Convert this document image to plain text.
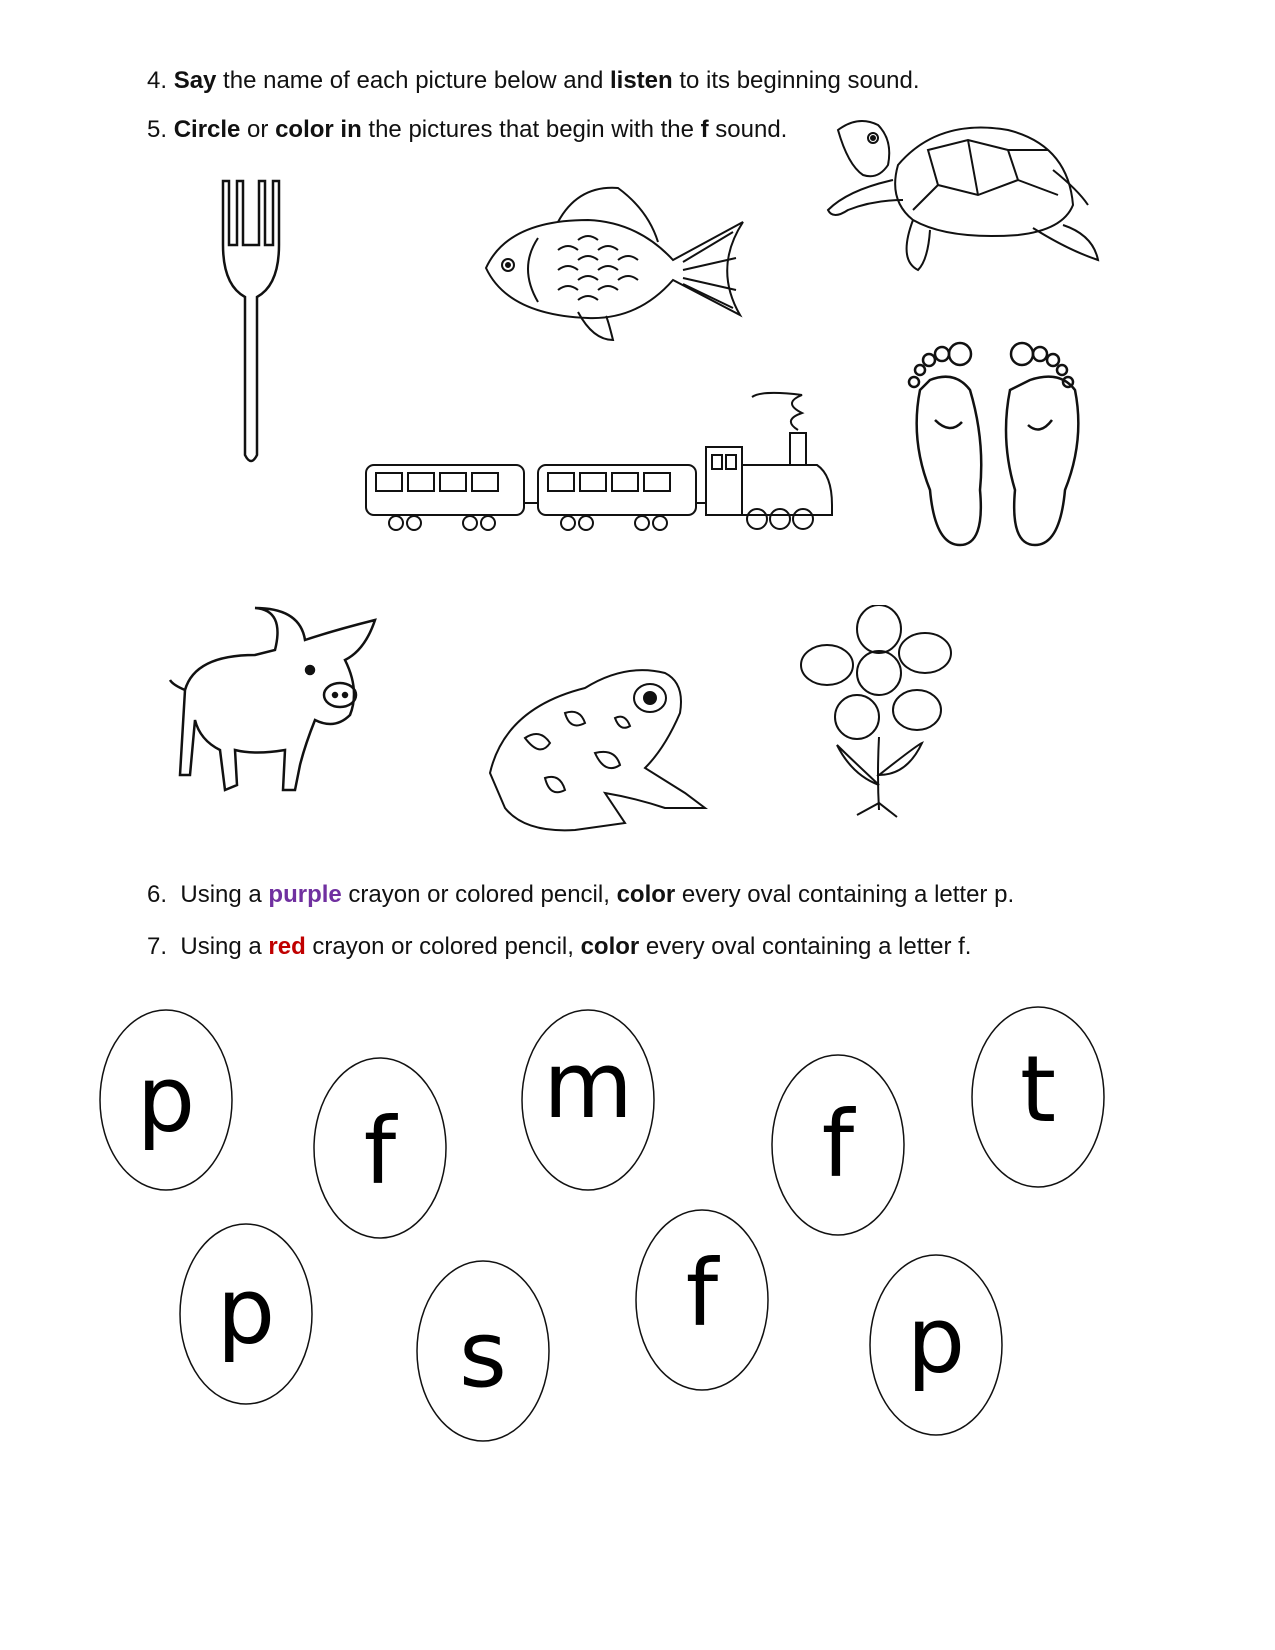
4. Say the name of each picture below and listen to its beginning sound.
5. Circle or color in the pictures that begin with the f sound.
6. Using a purple crayon or colored pencil, color every oval containing a letter p.
7. Using a red crayon or colored pencil, color every oval containing a letter f.
p	f
m
f
t
p	s
f	p
